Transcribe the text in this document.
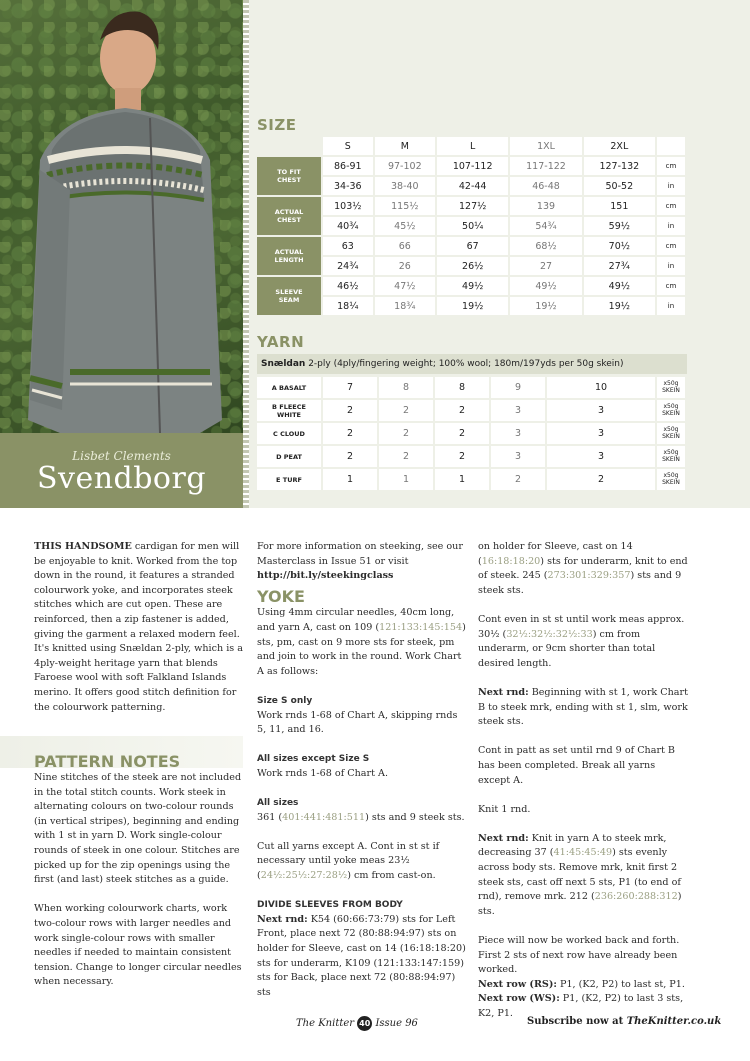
Lisbet Clements
Svendborg
SIZE
	S	M	L	1XL	2XL	
TO FIT
CHEST	86-91	97-102	107-112	117-122	127-132	cm
	34-36	38-40	42-44	46-48	50-52	in
ACTUAL
CHEST	103½	115½	127½	139	151	cm
	40¾	45½	50¼	54¾	59½	in
ACTUAL
LENGTH	63	66	67	68½	70½	cm
	24¾	26	26½	27	27¾	in
SLEEVE
SEAM	46½	47½	49½	49½	49½	cm
	18¼	18¾	19½	19½	19½	in
YARN
Snældan 2-ply (4ply/fingering weight; 100% wool; 180m/197yds per 50g skein)
A BASALT	7	8	8	9	10	x50g
SKEIN
B FLEECE
WHITE	2	2	2	3	3	x50g
SKEIN
C CLOUD	2	2	2	3	3	x50g
SKEIN
D PEAT	2	2	2	3	3	x50g
SKEIN
E TURF	1	1	1	2	2	x50g
SKEIN

THIS HANDSOME cardigan for men will be enjoyable to knit. Worked from the top down in the round, it features a stranded colourwork yoke, and incorporates steek stitches which are cut open. These are reinforced, then a zip fastener is added, giving the garment a relaxed modern feel. It's knitted using Snældan 2-ply, which is a 4ply-weight heritage yarn that blends Faroese wool with soft Falkland Islands merino. It offers good stitch definition for the colourwork patterning.

PATTERN NOTES

Nine stitches of the steek are not included in the total stitch counts. Work steek in alternating colours on two-colour rounds (in vertical stripes), beginning and ending with 1 st in yarn D. Work single-colour rounds of steek in one colour. Stitches are picked up for the zip openings using the first (and last) steek stitches as a guide.

When working colourwork charts, work two-colour rows with larger needles and work single-colour rows with smaller needles if needed to maintain consistent tension. Change to longer circular needles when necessary.

For more information on steeking, see our Masterclass in Issue 51 or visit http://bit.ly/steekingclass

YOKE

Using 4mm circular needles, 40cm long, and yarn A, cast on 109 (121:133:145:154) sts, pm, cast on 9 more sts for steek, pm and join to work in the round. Work Chart A as follows:

Size S only

Work rnds 1-68 of Chart A, skipping rnds 5, 11, and 16.

All sizes except Size S

Work rnds 1-68 of Chart A.

All sizes

361 (401:441:481:511) sts and 9 steek sts.

Cut all yarns except A. Cont in st st if necessary until yoke meas 23½ (24½:25½:27:28½) cm from cast-on.

DIVIDE SLEEVES FROM BODY

Next rnd: K54 (60:66:73:79) sts for Left Front, place next 72 (80:88:94:97) sts on holder for Sleeve, cast on 14 (16:18:18:20) sts for underarm, K109 (121:133:147:159) sts for Back, place next 72 (80:88:94:97) sts

on holder for Sleeve, cast on 14 (16:18:18:20) sts for underarm, knit to end of steek. 245 (273:301:329:357) sts and 9 steek sts.

Cont even in st st until work meas approx. 30½ (32½:32½:32½:33) cm from underarm, or 9cm shorter than total desired length.

Next rnd: Beginning with st 1, work Chart B to steek mrk, ending with st 1, slm, work steek sts.

Cont in patt as set until rnd 9 of Chart B has been completed. Break all yarns except A.

Knit 1 rnd.

Next rnd: Knit in yarn A to steek mrk, decreasing 37 (41:45:45:49) sts evenly across body sts. Remove mrk, knit first 2 steek sts, cast off next 5 sts, P1 (to end of rnd), remove mrk. 212 (236:260:288:312) sts.

Piece will now be worked back and forth. First 2 sts of next row have already been worked.

Next row (RS): P1, (K2, P2) to last st, P1.
Next row (WS): P1, (K2, P2) to last 3 sts, K2, P1.
The Knitter 40 Issue 96	Subscribe now at TheKnitter.co.uk
